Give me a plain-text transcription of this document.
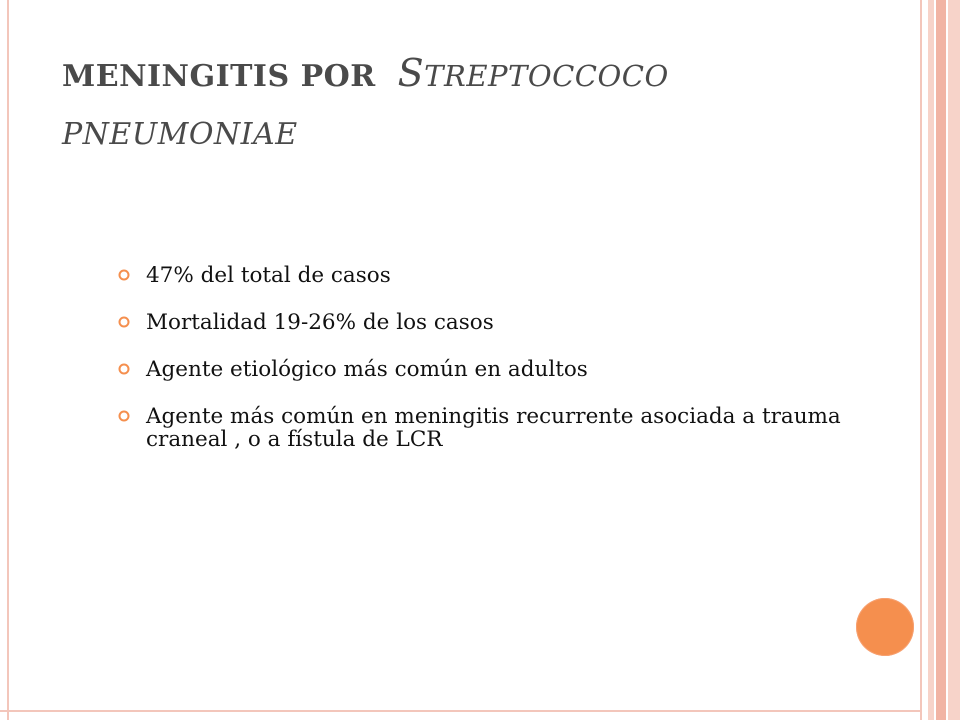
MENINGITIS POR STREPTOCCOCO
PNEUMONIAE
47% del total de casos
Mortalidad 19-26% de los casos
Agente etiológico más común en adultos
Agente más común en meningitis recurrente asociada a trauma craneal , o a fístula de LCR
